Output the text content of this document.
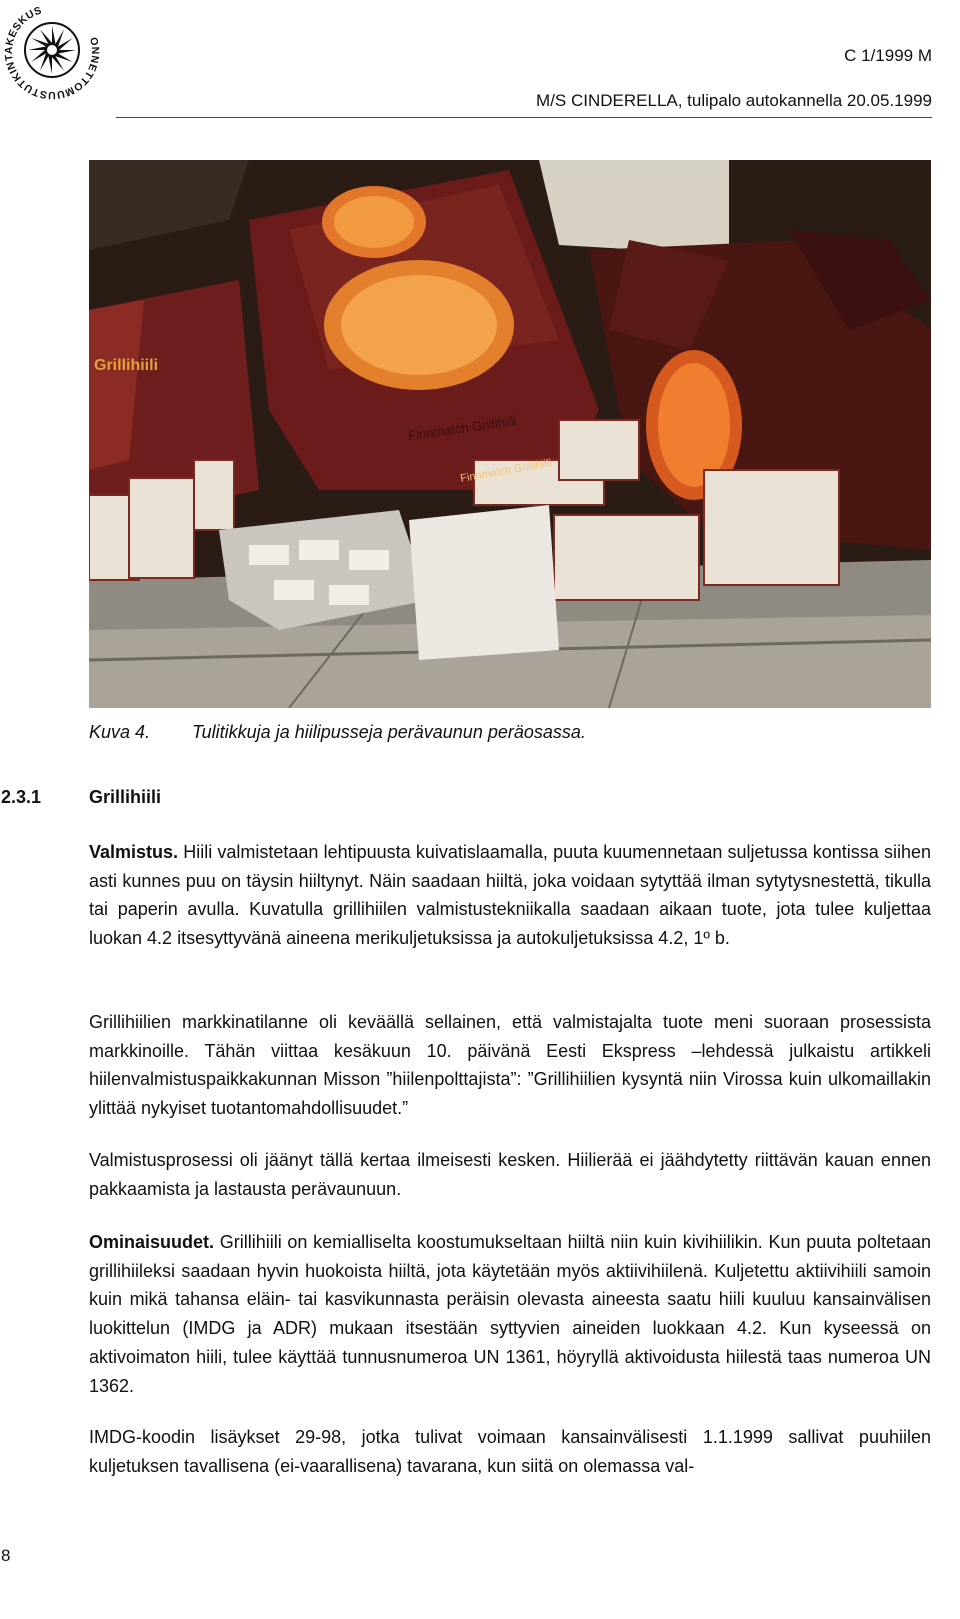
ONNETTOMUUSTUTKINTAKESKUS
C 1/1999 M
M/S CINDERELLA, tulipalo autokannella 20.05.1999
Finnmatch Grillihiili
Finnmatch Grillihiili
Grillihiili
Kuva 4. Tulitikkuja ja hiilipusseja perävaunun peräosassa.
2.3.1	Grillihiili

Valmistus. Hiili valmistetaan lehtipuusta kuivatislaamalla, puuta kuumennetaan suljetussa kontissa siihen asti kunnes puu on täysin hiiltynyt. Näin saadaan hiiltä, joka voidaan sytyttää ilman sytytysnestettä, tikulla tai paperin avulla. Kuvatulla grillihiilen valmistustekniikalla saadaan aikaan tuote, jota tulee kuljettaa luokan 4.2 itsesyttyvänä aineena merikuljetuksissa ja autokuljetuksissa 4.2, 1º b.

Grillihiilien markkinatilanne oli keväällä sellainen, että valmistajalta tuote meni suoraan prosessista markkinoille. Tähän viittaa kesäkuun 10. päivänä Eesti Ekspress –lehdessä julkaistu artikkeli hiilenvalmistuspaikkakunnan Misson ”hiilenpolttajista”: ”Grillihiilien kysyntä niin Virossa kuin ulkomaillakin ylittää nykyiset tuotantomahdollisuudet.”

Valmistusprosessi oli jäänyt tällä kertaa ilmeisesti kesken. Hiilierää ei jäähdytetty riittävän kauan ennen pakkaamista ja lastausta perävaunuun.

Ominaisuudet. Grillihiili on kemialliselta koostumukseltaan hiiltä niin kuin kivihiilikin. Kun puuta poltetaan grillihiileksi saadaan hyvin huokoista hiiltä, jota käytetään myös aktiivihiilenä. Kuljetettu aktiivihiili samoin kuin mikä tahansa eläin- tai kasvikunnasta peräisin olevasta aineesta saatu hiili kuuluu kansainvälisen luokittelun (IMDG ja ADR) mukaan itsestään syttyvien aineiden luokkaan 4.2. Kun kyseessä on aktivoimaton hiili, tulee käyttää tunnusnumeroa UN 1361, höyryllä aktivoidusta hiilestä taas numeroa UN 1362.

IMDG-koodin lisäykset 29-98, jotka tulivat voimaan kansainvälisesti 1.1.1999 sallivat puuhiilen kuljetuksen tavallisena (ei-vaarallisena) tavarana, kun siitä on olemassa val-

8
